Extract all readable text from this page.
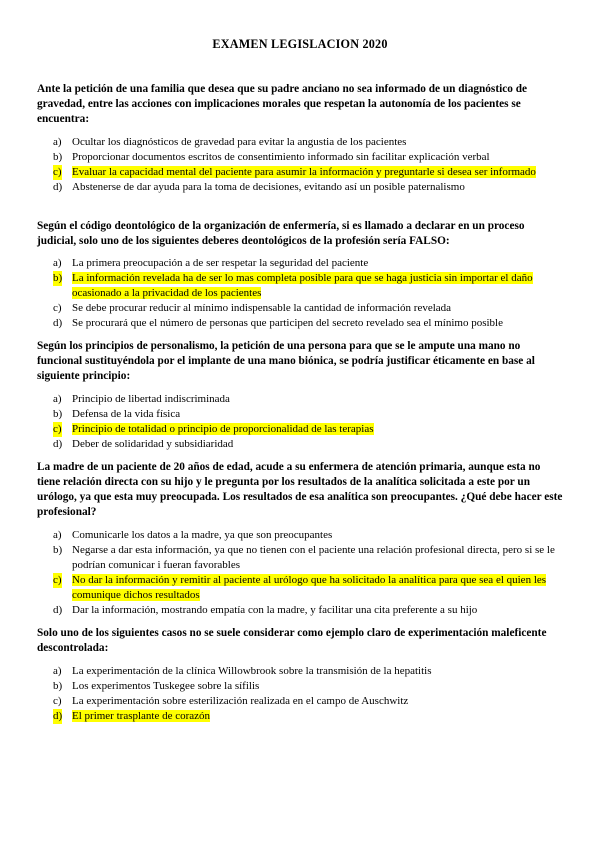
EXAMEN LEGISLACION 2020
Ante la petición de una familia que desea que su padre anciano no sea informado de un diagnóstico de gravedad, entre las acciones con implicaciones morales que respetan la autonomía de los pacientes se encuentra:
a) Ocultar los diagnósticos de gravedad para evitar la angustia de los pacientes
b) Proporcionar documentos escritos de consentimiento informado sin facilitar explicación verbal
c) Evaluar la capacidad mental del paciente para asumir la información y preguntarle si desea ser informado
d) Abstenerse de dar ayuda para la toma de decisiones, evitando así un posible paternalismo
Según el código deontológico de la organización de enfermería, si es llamado a declarar en un proceso judicial, solo uno de los siguientes deberes deontológicos de la profesión sería FALSO:
a) La primera preocupación a de ser respetar la seguridad del paciente
b) La información revelada ha de ser lo mas completa posible para que se haga justicia sin importar el daño ocasionado a la privacidad de los pacientes
c) Se debe procurar reducir al mínimo indispensable la cantidad de información revelada
d) Se procurará que el número de personas que participen del secreto revelado sea el mínimo posible
Según los principios de personalismo, la petición de una persona para que se le ampute una mano no funcional sustituyéndola por el implante de una mano biónica, se podría justificar éticamente en base al siguiente principio:
a) Principio de libertad indiscriminada
b) Defensa de la vida física
c) Principio de totalidad o principio de proporcionalidad de las terapias
d) Deber de solidaridad y subsidiaridad
La madre de un paciente de 20 años de edad, acude a su enfermera de atención primaria, aunque esta no tiene relación directa con su hijo y le pregunta por los resultados de la analítica solicitada a este por un urólogo, ya que esta muy preocupada. Los resultados de esa analítica son preocupantes. ¿Qué debe hacer este profesional?
a) Comunicarle los datos a la madre, ya que son preocupantes
b) Negarse a dar esta información, ya que no tienen con el paciente una relación profesional directa, pero si se le podrían comunicar i fueran favorables
c) No dar la información y remitir al paciente al urólogo que ha solicitado la analítica para que sea el quien les comunique dichos resultados
d) Dar la información, mostrando empatía con la madre, y facilitar una cita preferente a su hijo
Solo uno de los siguientes casos no se suele considerar como ejemplo claro de experimentación maleficente descontrolada:
a) La experimentación de la clínica Willowbrook sobre la transmisión de la hepatitis
b) Los experimentos Tuskegee sobre la sífilis
c) La experimentación sobre esterilización realizada en el campo de Auschwitz
d) El primer trasplante de corazón
